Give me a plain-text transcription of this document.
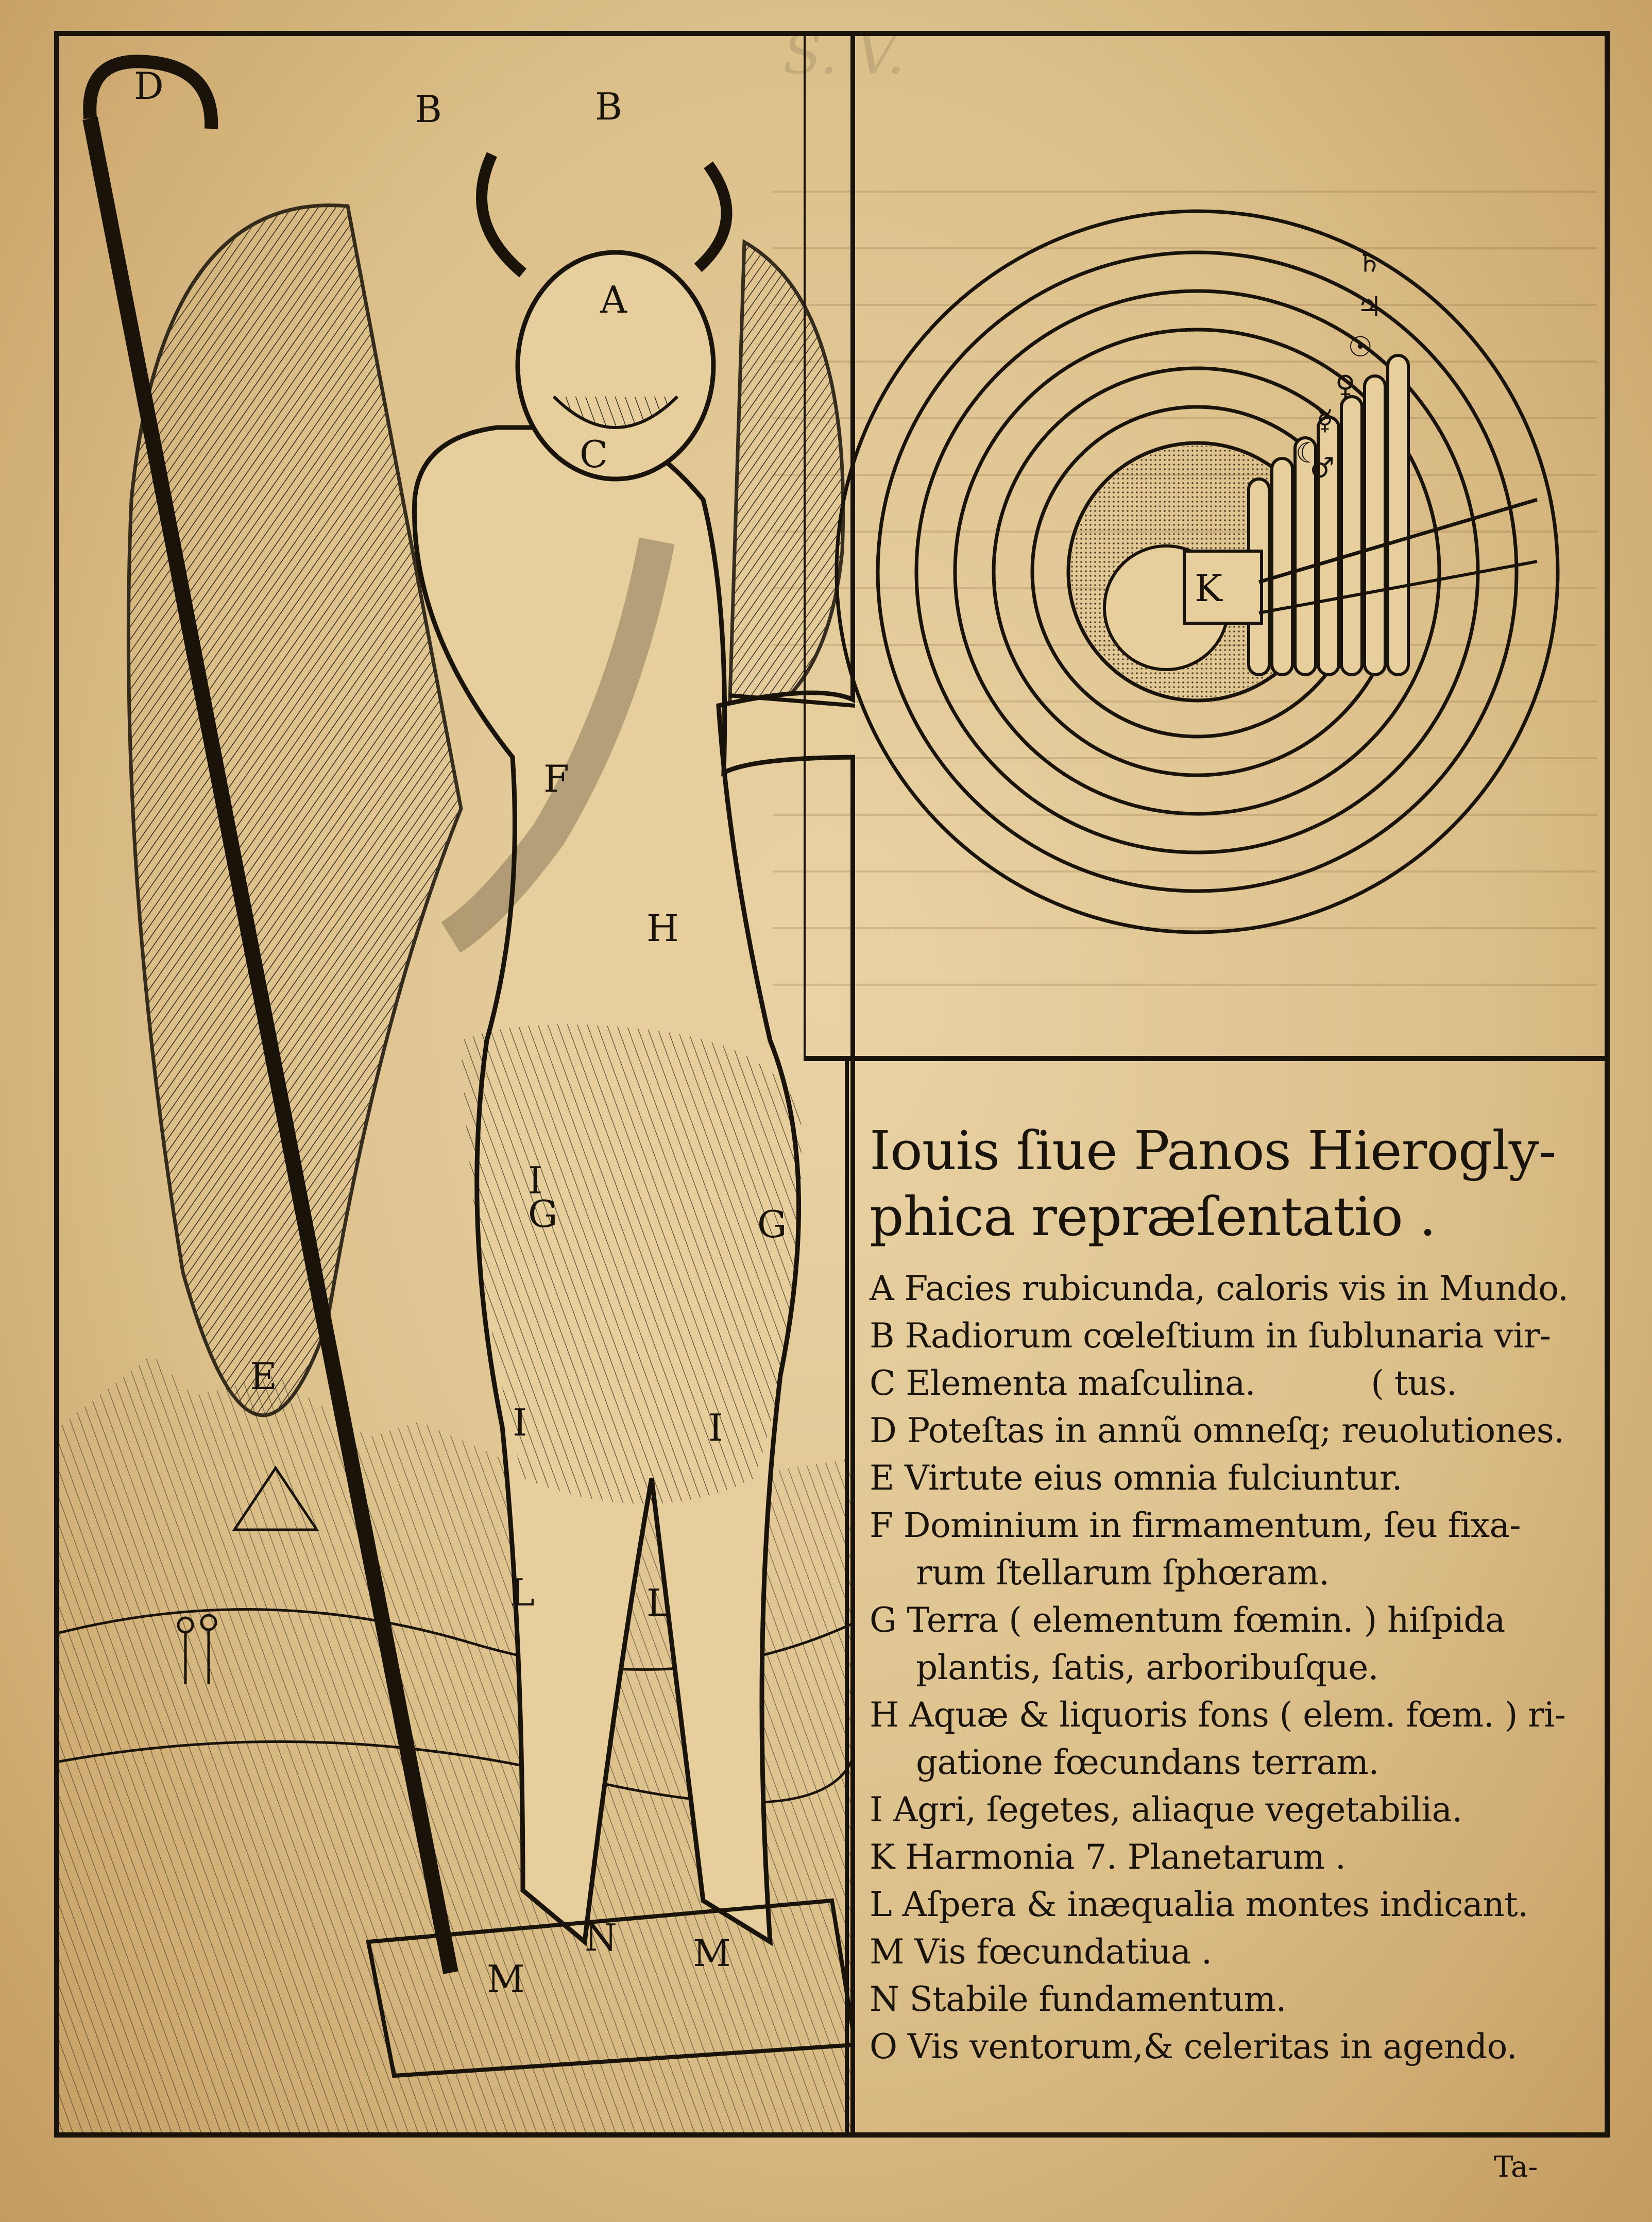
S. V.
D
B	B
A
C
F
H
I
G	G
E
I	I
L	L
N
M
M
♄
♃
☉
♀
☿
☾
♂
K
Iouis ſiue Panos Hierogly-
phica repræſentatio .
A Facies rubicunda, caloris vis in Mundo.
B Radiorum cœleſtium in ſublunaria vir-
C Elementa maſculina.           ( tus.
D Poteſtas in annũ omneſq; reuolutiones.
E Virtute eius omnia fulciuntur.
F Dominium in firmamentum, ſeu fixa-
rum ſtellarum ſphœram.
G Terra ( elementum fœmin. ) hiſpida
plantis, ſatis, arboribuſque.
H Aquæ & liquoris fons ( elem. fœm. ) ri-
gatione fœcundans terram.
I Agri, ſegetes, aliaque vegetabilia.
K Harmonia 7. Planetarum .
L Aſpera & inæqualia montes indicant.
M Vis fœcundatiua .
N Stabile fundamentum.
O Vis ventorum,& celeritas in agendo.
Ta-
